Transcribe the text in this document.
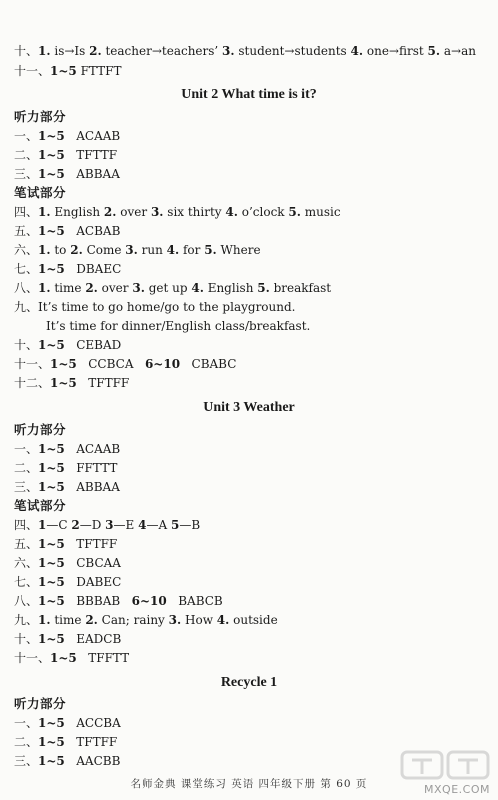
十、1. is→Is 2. teacher→teachers’ 3. student→students 4. one→first 5. a→an
十一、1~5 FTTFT
Unit 2 What time is it?
听力部分
一、1~5 ACAAB
二、1~5 TFTTF
三、1~5 ABBAA
笔试部分
四、1. English 2. over 3. six thirty 4. o’clock 5. music
五、1~5 ACBAB
六、1. to 2. Come 3. run 4. for 5. Where
七、1~5 DBAEC
八、1. time 2. over 3. get up 4. English 5. breakfast
九、It’s time to go home/go to the playground.
It’s time for dinner/English class/breakfast.
十、1~5 CEBAD
十一、1~5 CCBCA 6~10 CBABC
十二、1~5 TFTFF
Unit 3 Weather
听力部分
一、1~5 ACAAB
二、1~5 FFTTT
三、1~5 ABBAA
笔试部分
四、1—C 2—D 3—E 4—A 5—B
五、1~5 TFTFF
六、1~5 CBCAA
七、1~5 DABEC
八、1~5 BBBAB 6~10 BABCB
九、1. time 2. Can; rainy 3. How 4. outside
十、1~5 EADCB
十一、1~5 TFFTT
Recycle 1
听力部分
一、1~5 ACCBA
二、1~5 TFTFF
三、1~5 AACBB
名师金典 课堂练习 英语 四年级下册 第 60 页	MXQE.COM
